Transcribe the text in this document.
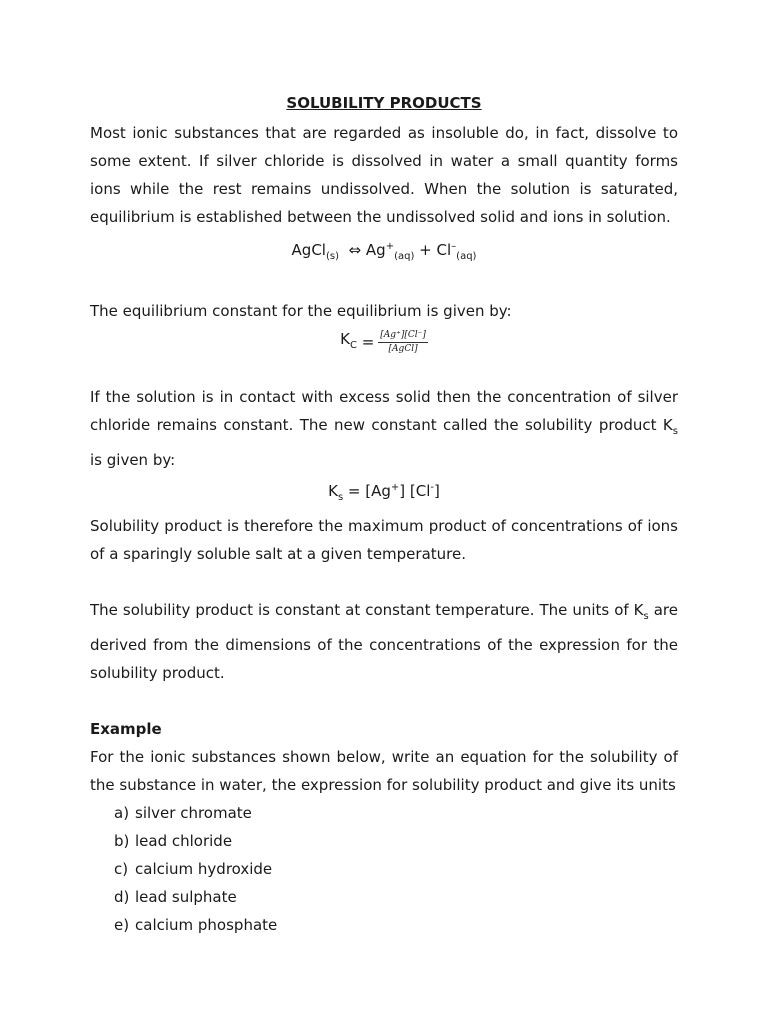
SOLUBILITY PRODUCTS

Most ionic substances that are regarded as insoluble do, in fact, dissolve to some extent. If silver chloride is dissolved in water a small quantity forms ions while the rest remains undissolved. When the solution is saturated, equilibrium is established between the undissolved solid and ions in solution.

AgCl$_{(s)}$ ⇔ $Ag^+_{(aq)} + Cl^-_{(aq)}$

The equilibrium constant for the equilibrium is given by:

$K_C$
= $\frac{[Ag^+][Cl^-]}{\text{[AgCl]}}$

If the solution is in contact with excess solid then the concentration of silver chloride remains constant. The new constant called the solubility product $K_s$ is given by:

$K_s = [Ag^+]$ [Cl-]

Solubility product is therefore the maximum product of concentrations of ions of a sparingly soluble salt at a given temperature.

The solubility product is constant at constant temperature. The units of $K_s$ are derived from the dimensions of the concentrations of the expression for the solubility product.

Example

For the ionic substances shown below, write an equation for the solubility of the substance in water, the expression for solubility product and give its units

a) silver chromate
b) lead chloride
c) calcium hydroxide
d) lead sulphate
e) calcium phosphate
